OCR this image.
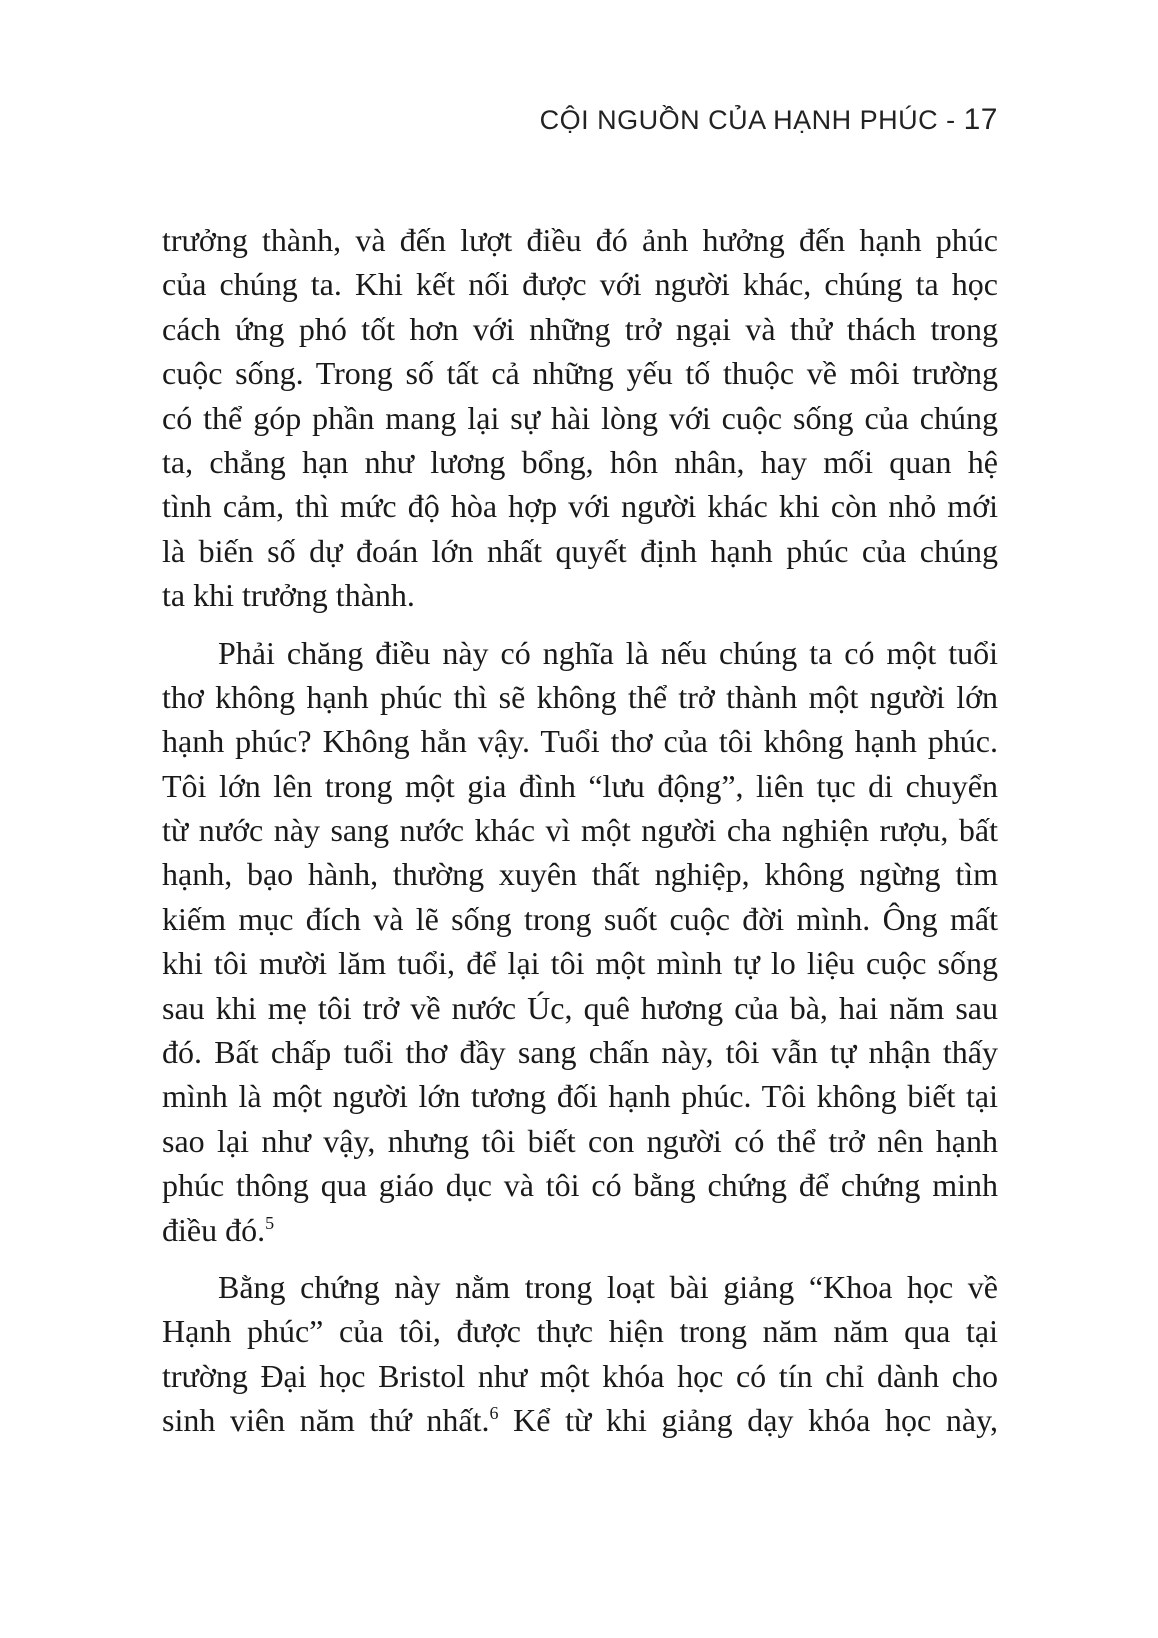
CỘI NGUỒN CỦA HẠNH PHÚC - 17
trưởng thành, và đến lượt điều đó ảnh hưởng đến hạnh phúc
của chúng ta. Khi kết nối được với người khác, chúng ta học
cách ứng phó tốt hơn với những trở ngại và thử thách trong
cuộc sống. Trong số tất cả những yếu tố thuộc về môi trường
có thể góp phần mang lại sự hài lòng với cuộc sống của chúng
ta, chẳng hạn như lương bổng, hôn nhân, hay mối quan hệ
tình cảm, thì mức độ hòa hợp với người khác khi còn nhỏ mới
là biến số dự đoán lớn nhất quyết định hạnh phúc của chúng
ta khi trưởng thành.
Phải chăng điều này có nghĩa là nếu chúng ta có một tuổi
thơ không hạnh phúc thì sẽ không thể trở thành một người lớn
hạnh phúc? Không hẳn vậy. Tuổi thơ của tôi không hạnh phúc.
Tôi lớn lên trong một gia đình “lưu động”, liên tục di chuyển
từ nước này sang nước khác vì một người cha nghiện rượu, bất
hạnh, bạo hành, thường xuyên thất nghiệp, không ngừng tìm
kiếm mục đích và lẽ sống trong suốt cuộc đời mình. Ông mất
khi tôi mười lăm tuổi, để lại tôi một mình tự lo liệu cuộc sống
sau khi mẹ tôi trở về nước Úc, quê hương của bà, hai năm sau
đó. Bất chấp tuổi thơ đầy sang chấn này, tôi vẫn tự nhận thấy
mình là một người lớn tương đối hạnh phúc. Tôi không biết tại
sao lại như vậy, nhưng tôi biết con người có thể trở nên hạnh
phúc thông qua giáo dục và tôi có bằng chứng để chứng minh
điều đó.$^5$
Bằng chứng này nằm trong loạt bài giảng “Khoa học về
Hạnh phúc” của tôi, được thực hiện trong năm năm qua tại
trường Đại học Bristol như một khóa học có tín chỉ dành cho
sinh viên năm thứ nhất.$^6$ Kể từ khi giảng dạy khóa học này,
